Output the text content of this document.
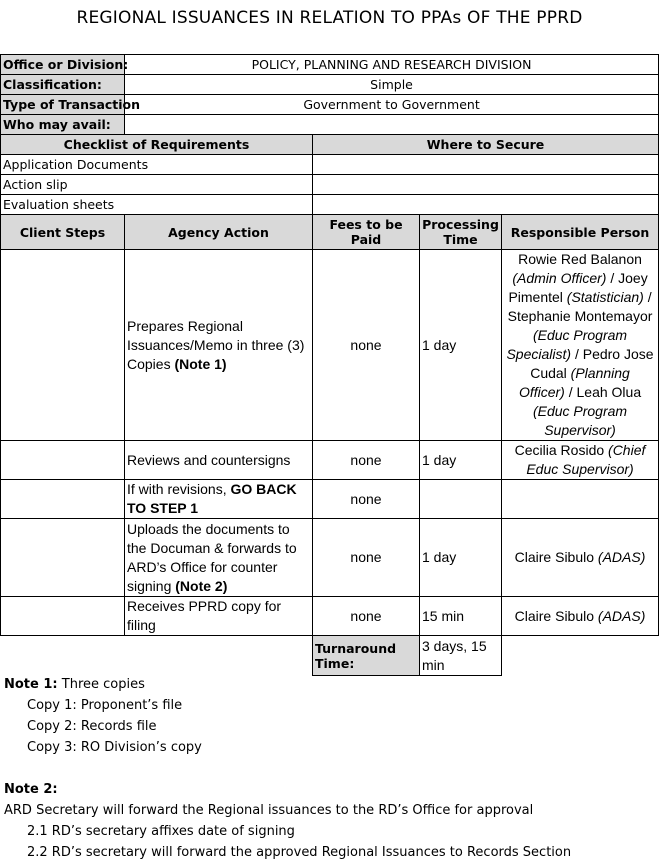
REGIONAL ISSUANCES IN RELATION TO PPAs OF THE PPRD
Office or Division:	POLICY, PLANNING AND RESEARCH DIVISION			
Classification:	Simple			
Type of Transaction	Government to Government			
Who may avail:				
Checklist of Requirements		Where to Secure		
Application Documents				
Action slip				
Evaluation sheets				
Client Steps	Agency Action	Fees to be Paid	Processing Time	Responsible Person
	Prepares Regional Issuances/Memo in three (3) Copies (Note 1)	none	1 day	Rowie Red Balanon (Admin Officer) / Joey Pimentel (Statistician) / Stephanie Montemayor (Educ Program Specialist) / Pedro Jose Cudal (Planning Officer) / Leah Olua (Educ Program Supervisor)
	Reviews and countersigns	none	1 day	Cecilia Rosido (Chief Educ Supervisor)
	If with revisions, GO BACK TO STEP 1	none		
	Uploads the documents to the Documan & forwards to ARD’s Office for counter signing (Note 2)	none	1 day	Claire Sibulo (ADAS)
	Receives PPRD copy for filing	none	15 min	Claire Sibulo (ADAS)
		Turnaround Time:	3 days, 15 min	
Note 1: Three copies
Copy 1: Proponent’s file
Copy 2: Records file
Copy 3: RO Division’s copy
Note 2:
ARD Secretary will forward the Regional issuances to the RD’s Office for approval
2.1 RD’s secretary affixes date of signing
2.2 RD’s secretary will forward the approved Regional Issuances to Records Section
